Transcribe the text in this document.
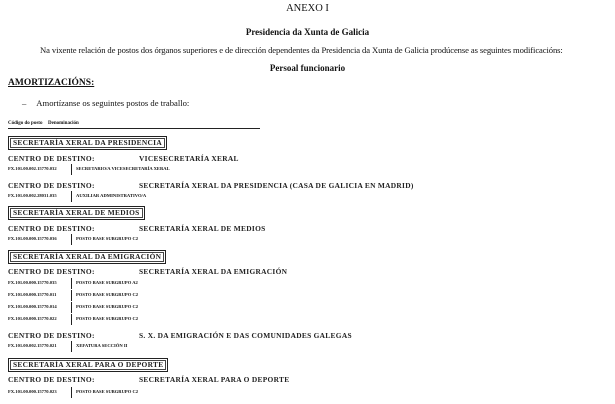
ANEXO I
Presidencia da Xunta de Galicia
Na vixente relación de postos dos órganos superiores e de dirección dependentes da Presidencia da Xunta de Galicia prodúcense as seguintes modificacións:
Persoal funcionario
AMORTIZACIÓNS:
– Amortízanse os seguintes postos de traballo:
Código do posto Denominación
SECRETARÍA XERAL DA PRESIDENCIA
CENTRO DE DESTINO:	VICESECRETARÍA XERAL
FX.101.00.002.15770.032	SECRETARIO/A VICESECRETARÍA XERAL
CENTRO DE DESTINO:	SECRETARÍA XERAL DA PRESIDENCIA (CASA DE GALICIA EN MADRID)
FX.101.00.002.28031.035	AUXILIAR ADMINISTRATIVO/A
SECRETARÍA XERAL DE MEDIOS
CENTRO DE DESTINO:	SECRETARÍA XERAL DE MEDIOS
FX.101.00.000.15770.036	POSTO BASE SUBGRUPO C2
SECRETARÍA XERAL DA EMIGRACIÓN
CENTRO DE DESTINO:	SECRETARÍA XERAL DA EMIGRACIÓN
FX.101.00.000.15770.035	POSTO BASE SUBGRUPO A2
FX.101.00.000.15770.011	POSTO BASE SUBGRUPO C2
FX.101.00.000.15770.014	POSTO BASE SUBGRUPO C2
FX.101.00.000.15770.022	POSTO BASE SUBGRUPO C2
CENTRO DE DESTINO:	S. X. DA EMIGRACIÓN E DAS COMUNIDADES GALEGAS
FX.101.00.002.15770.021	XEFATURA SECCIÓN II
SECRETARÍA XERAL PARA O DEPORTE
CENTRO DE DESTINO:	SECRETARÍA XERAL PARA O DEPORTE
FX.101.00.000.15770.023	POSTO BASE SUBGRUPO C2
